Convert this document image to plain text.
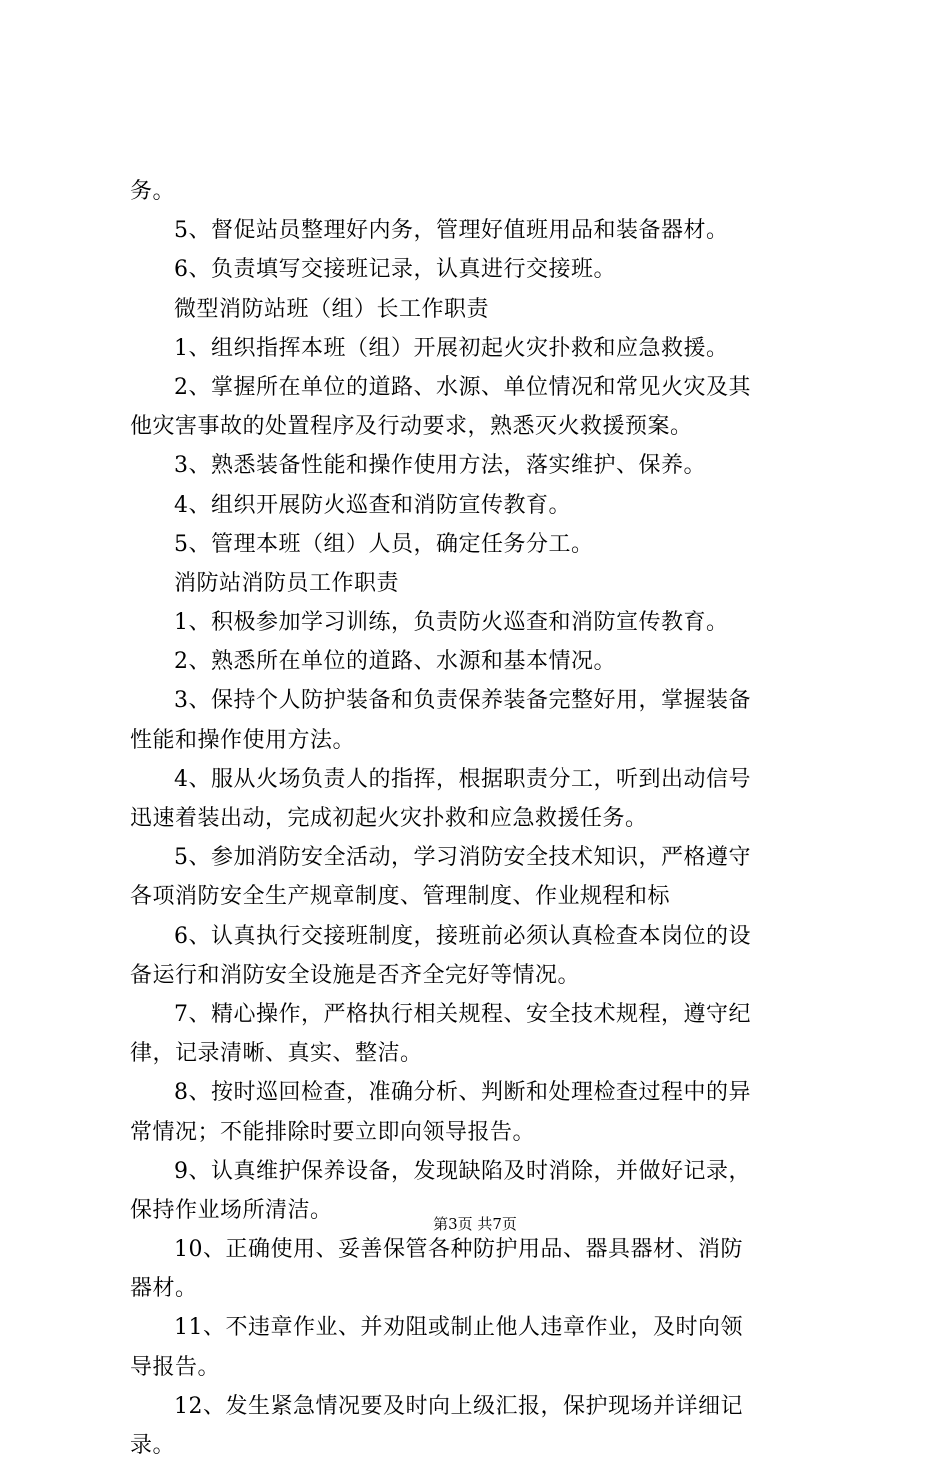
务。
5、督促站员整理好内务，管理好值班用品和装备器材。
6、负责填写交接班记录，认真进行交接班。
微型消防站班（组）长工作职责
1、组织指挥本班（组）开展初起火灾扑救和应急救援。
2、掌握所在单位的道路、水源、单位情况和常见火灾及其
他灾害事故的处置程序及行动要求，熟悉灭火救援预案。
3、熟悉装备性能和操作使用方法，落实维护、保养。
4、组织开展防火巡查和消防宣传教育。
5、管理本班（组）人员，确定任务分工。
消防站消防员工作职责
1、积极参加学习训练，负责防火巡查和消防宣传教育。
2、熟悉所在单位的道路、水源和基本情况。
3、保持个人防护装备和负责保养装备完整好用，掌握装备
性能和操作使用方法。
4、服从火场负责人的指挥，根据职责分工，听到出动信号
迅速着装出动，完成初起火灾扑救和应急救援任务。
5、参加消防安全活动，学习消防安全技术知识，严格遵守
各项消防安全生产规章制度、管理制度、作业规程和标
6、认真执行交接班制度，接班前必须认真检查本岗位的设
备运行和消防安全设施是否齐全完好等情况。
7、精心操作，严格执行相关规程、安全技术规程，遵守纪
律，记录清晰、真实、整洁。
8、按时巡回检查，准确分析、判断和处理检查过程中的异
常情况；不能排除时要立即向领导报告。
9、认真维护保养设备，发现缺陷及时消除，并做好记录，
保持作业场所清洁。
10、正确使用、妥善保管各种防护用品、器具器材、消防
器材。
11、不违章作业、并劝阻或制止他人违章作业，及时向领
导报告。
12、发生紧急情况要及时向上级汇报，保护现场并详细记
录。
第3页 共7页
